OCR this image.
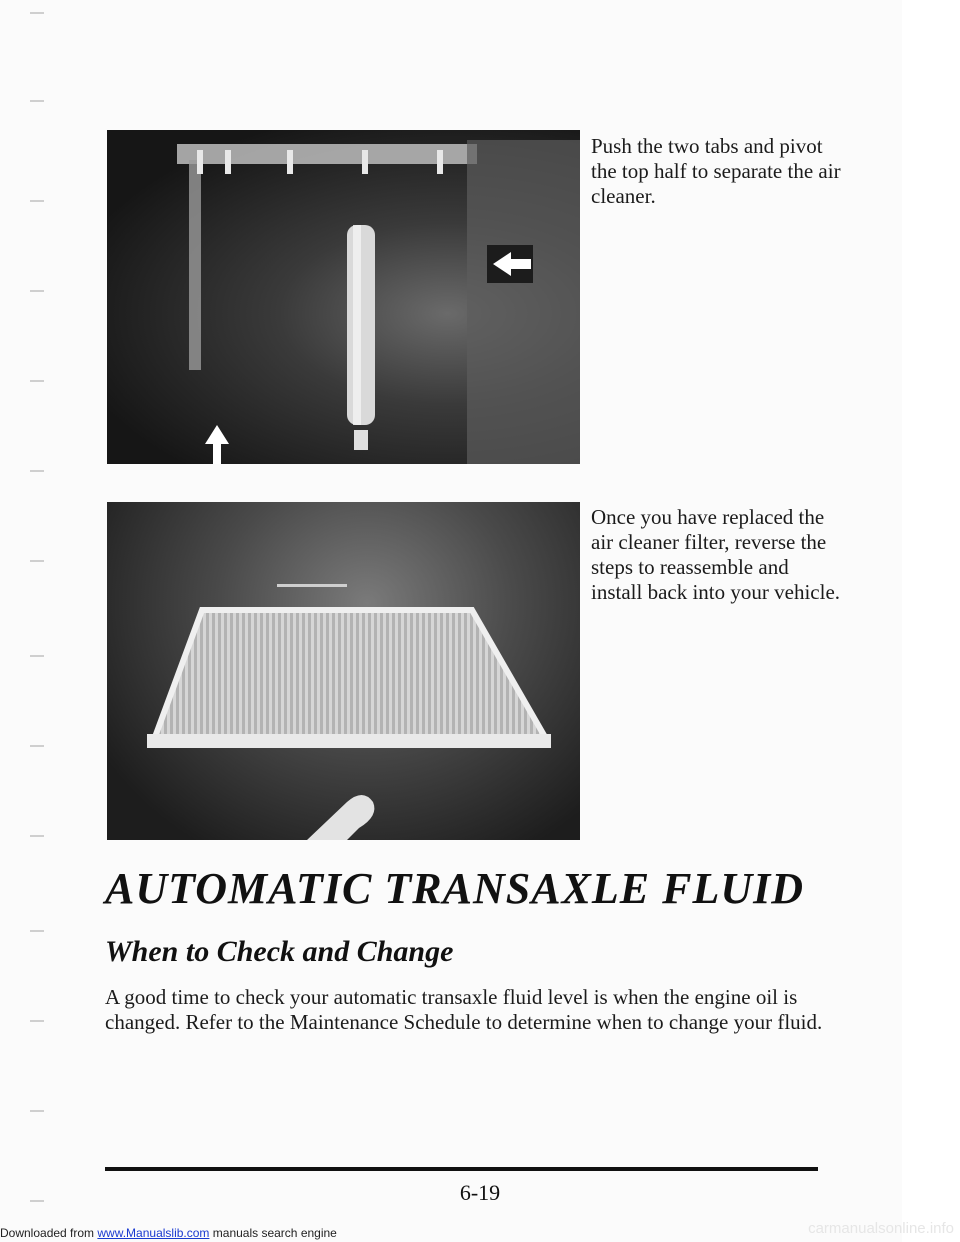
Push the two tabs and pivot the top half to separate the air cleaner.
Once you have replaced the air cleaner filter, reverse the steps to reassemble and install back into your vehicle.
AUTOMATIC TRANSAXLE FLUID
When to Check and Change

A good time to check your automatic transaxle fluid level is when the engine oil is changed. Refer to the Maintenance Schedule to determine when to change your fluid.

6-19
Downloaded from www.Manualslib.com manuals search engine	carmanualsonline.info
